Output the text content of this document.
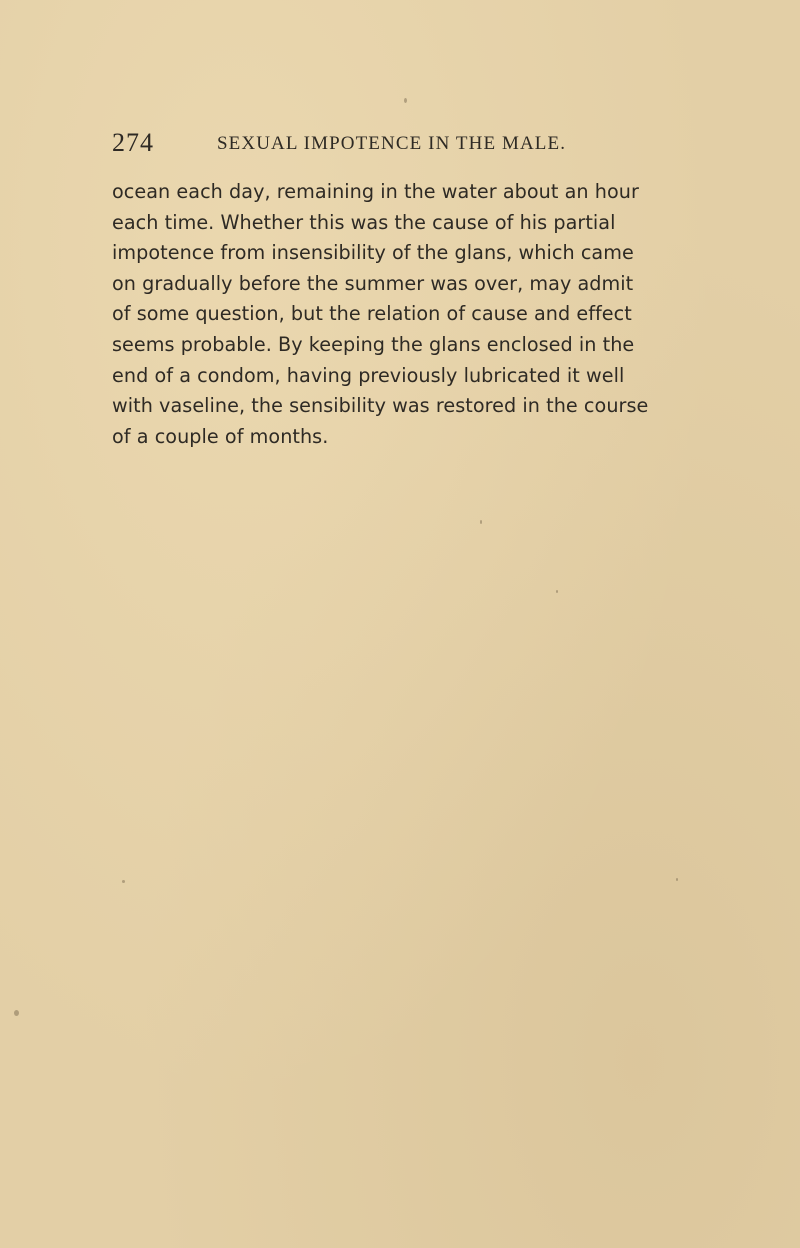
274	SEXUAL IMPOTENCE IN THE MALE.
ocean each day, remaining in the water about an hour
each time. Whether this was the cause of his partial
impotence from insensibility of the glans, which came
on gradually before the summer was over, may admit
of some question, but the relation of cause and effect
seems probable. By keeping the glans enclosed in the
end of a condom, having previously lubricated it well
with vaseline, the sensibility was restored in the course
of a couple of months.
